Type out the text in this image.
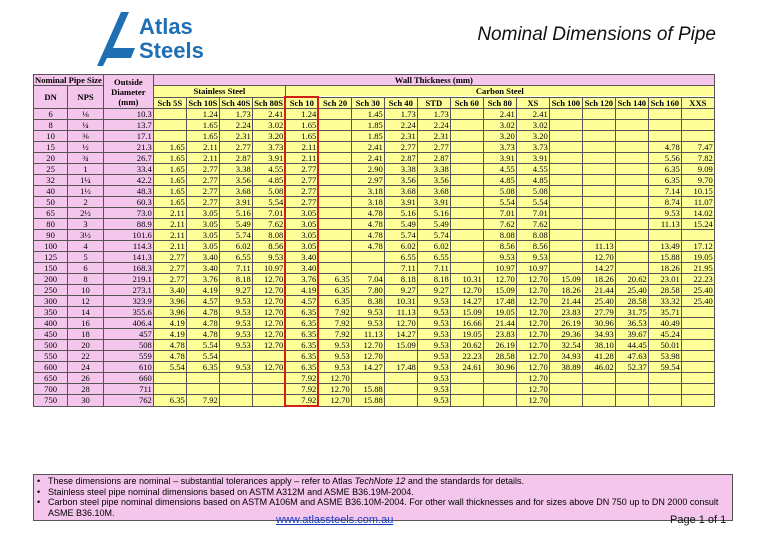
Atlas
Steels
Nominal Dimensions of Pipe
Nominal Pipe Size		Outside Diameter (mm)	Wall Thickness (mm)																
DN	NPS		Stainless Steel				Carbon Steel												
			Sch 5S	Sch 10S	Sch 40S	Sch 80S	Sch 10	Sch 20	Sch 30	Sch 40	STD	Sch 60	Sch 80	XS	Sch 100	Sch 120	Sch 140	Sch 160	XXS
6	⅛	10.3		1.24	1.73	2.41	1.24		1.45	1.73	1.73		2.41	2.41					
8	¼	13.7		1.65	2.24	3.02	1.65		1.85	2.24	2.24		3.02	3.02					
10	⅜	17.1		1.65	2.31	3.20	1.65		1.85	2.31	2.31		3.20	3.20					
15	½	21.3	1.65	2.11	2.77	3.73	2.11		2.41	2.77	2.77		3.73	3.73				4.78	7.47
20	¾	26.7	1.65	2.11	2.87	3.91	2.11		2.41	2.87	2.87		3.91	3.91				5.56	7.82
25	1	33.4	1.65	2.77	3.38	4.55	2.77		2.90	3.38	3.38		4.55	4.55				6.35	9.09
32	1¼	42.2	1.65	2.77	3.56	4.85	2.77		2.97	3.56	3.56		4.85	4.85				6.35	9.70
40	1½	48.3	1.65	2.77	3.68	5.08	2.77		3.18	3.68	3.68		5.08	5.08				7.14	10.15
50	2	60.3	1.65	2.77	3.91	5.54	2.77		3.18	3.91	3.91		5.54	5.54				8.74	11.07
65	2½	73.0	2.11	3.05	5.16	7.01	3.05		4.78	5.16	5.16		7.01	7.01				9.53	14.02
80	3	88.9	2.11	3.05	5.49	7.62	3.05		4.78	5.49	5.49		7.62	7.62				11.13	15.24
90	3½	101.6	2.11	3.05	5.74	8.08	3.05		4.78	5.74	5.74		8.08	8.08					
100	4	114.3	2.11	3.05	6.02	8.56	3.05		4.78	6.02	6.02		8.56	8.56		11.13		13.49	17.12
125	5	141.3	2.77	3.40	6.55	9.53	3.40			6.55	6.55		9.53	9.53		12.70		15.88	19.05
150	6	168.3	2.77	3.40	7.11	10.97	3.40			7.11	7.11		10.97	10.97		14.27		18.26	21.95
200	8	219.1	2.77	3.76	8.18	12.70	3.76	6.35	7.04	8.18	8.18	10.31	12.70	12.70	15.09	18.26	20.62	23.01	22.23
250	10	273.1	3.40	4.19	9.27	12.70	4.19	6.35	7.80	9.27	9.27	12.70	15.09	12.70	18.26	21.44	25.40	28.58	25.40
300	12	323.9	3.96	4.57	9.53	12.70	4.57	6.35	8.38	10.31	9.53	14.27	17.48	12.70	21.44	25.40	28.58	33.32	25.40
350	14	355.6	3.96	4.78	9.53	12.70	6.35	7.92	9.53	11.13	9.53	15.09	19.05	12.70	23.83	27.79	31.75	35.71	
400	16	406.4	4.19	4.78	9.53	12.70	6.35	7.92	9.53	12.70	9.53	16.66	21.44	12.70	26.19	30.96	36.53	40.49	
450	18	457	4.19	4.78	9.53	12.70	6.35	7.92	11.13	14.27	9.53	19.05	23.83	12.70	29.36	34.93	39.67	45.24	
500	20	508	4.78	5.54	9.53	12.70	6.35	9.53	12.70	15.09	9.53	20.62	26.19	12.70	32.54	38.10	44.45	50.01	
550	22	559	4.78	5.54			6.35	9.53	12.70		9.53	22.23	28.58	12.70	34.93	41.28	47.63	53.98	
600	24	610	5.54	6.35	9.53	12.70	6.35	9.53	14.27	17.48	9.53	24.61	30.96	12.70	38.89	46.02	52.37	59.54	
650	26	660					7.92	12.70			9.53			12.70					
700	28	711					7.92	12.70	15.88		9.53			12.70					
750	30	762	6.35	7.92			7.92	12.70	15.88		9.53			12.70					
• These dimensions are nominal – substantial tolerances apply – refer to Atlas TechNote 12 and the standards for details.
• Stainless steel pipe nominal dimensions based on ASTM A312M and ASME B36.19M-2004.
• Carbon steel pipe nominal dimensions based on ASTM A106M and ASME B36.10M-2004. For other wall thicknesses and for sizes above DN 750 up to DN 2000 consult ASME B36.10M.
www.atlassteels.com.au	Page 1 of 1
